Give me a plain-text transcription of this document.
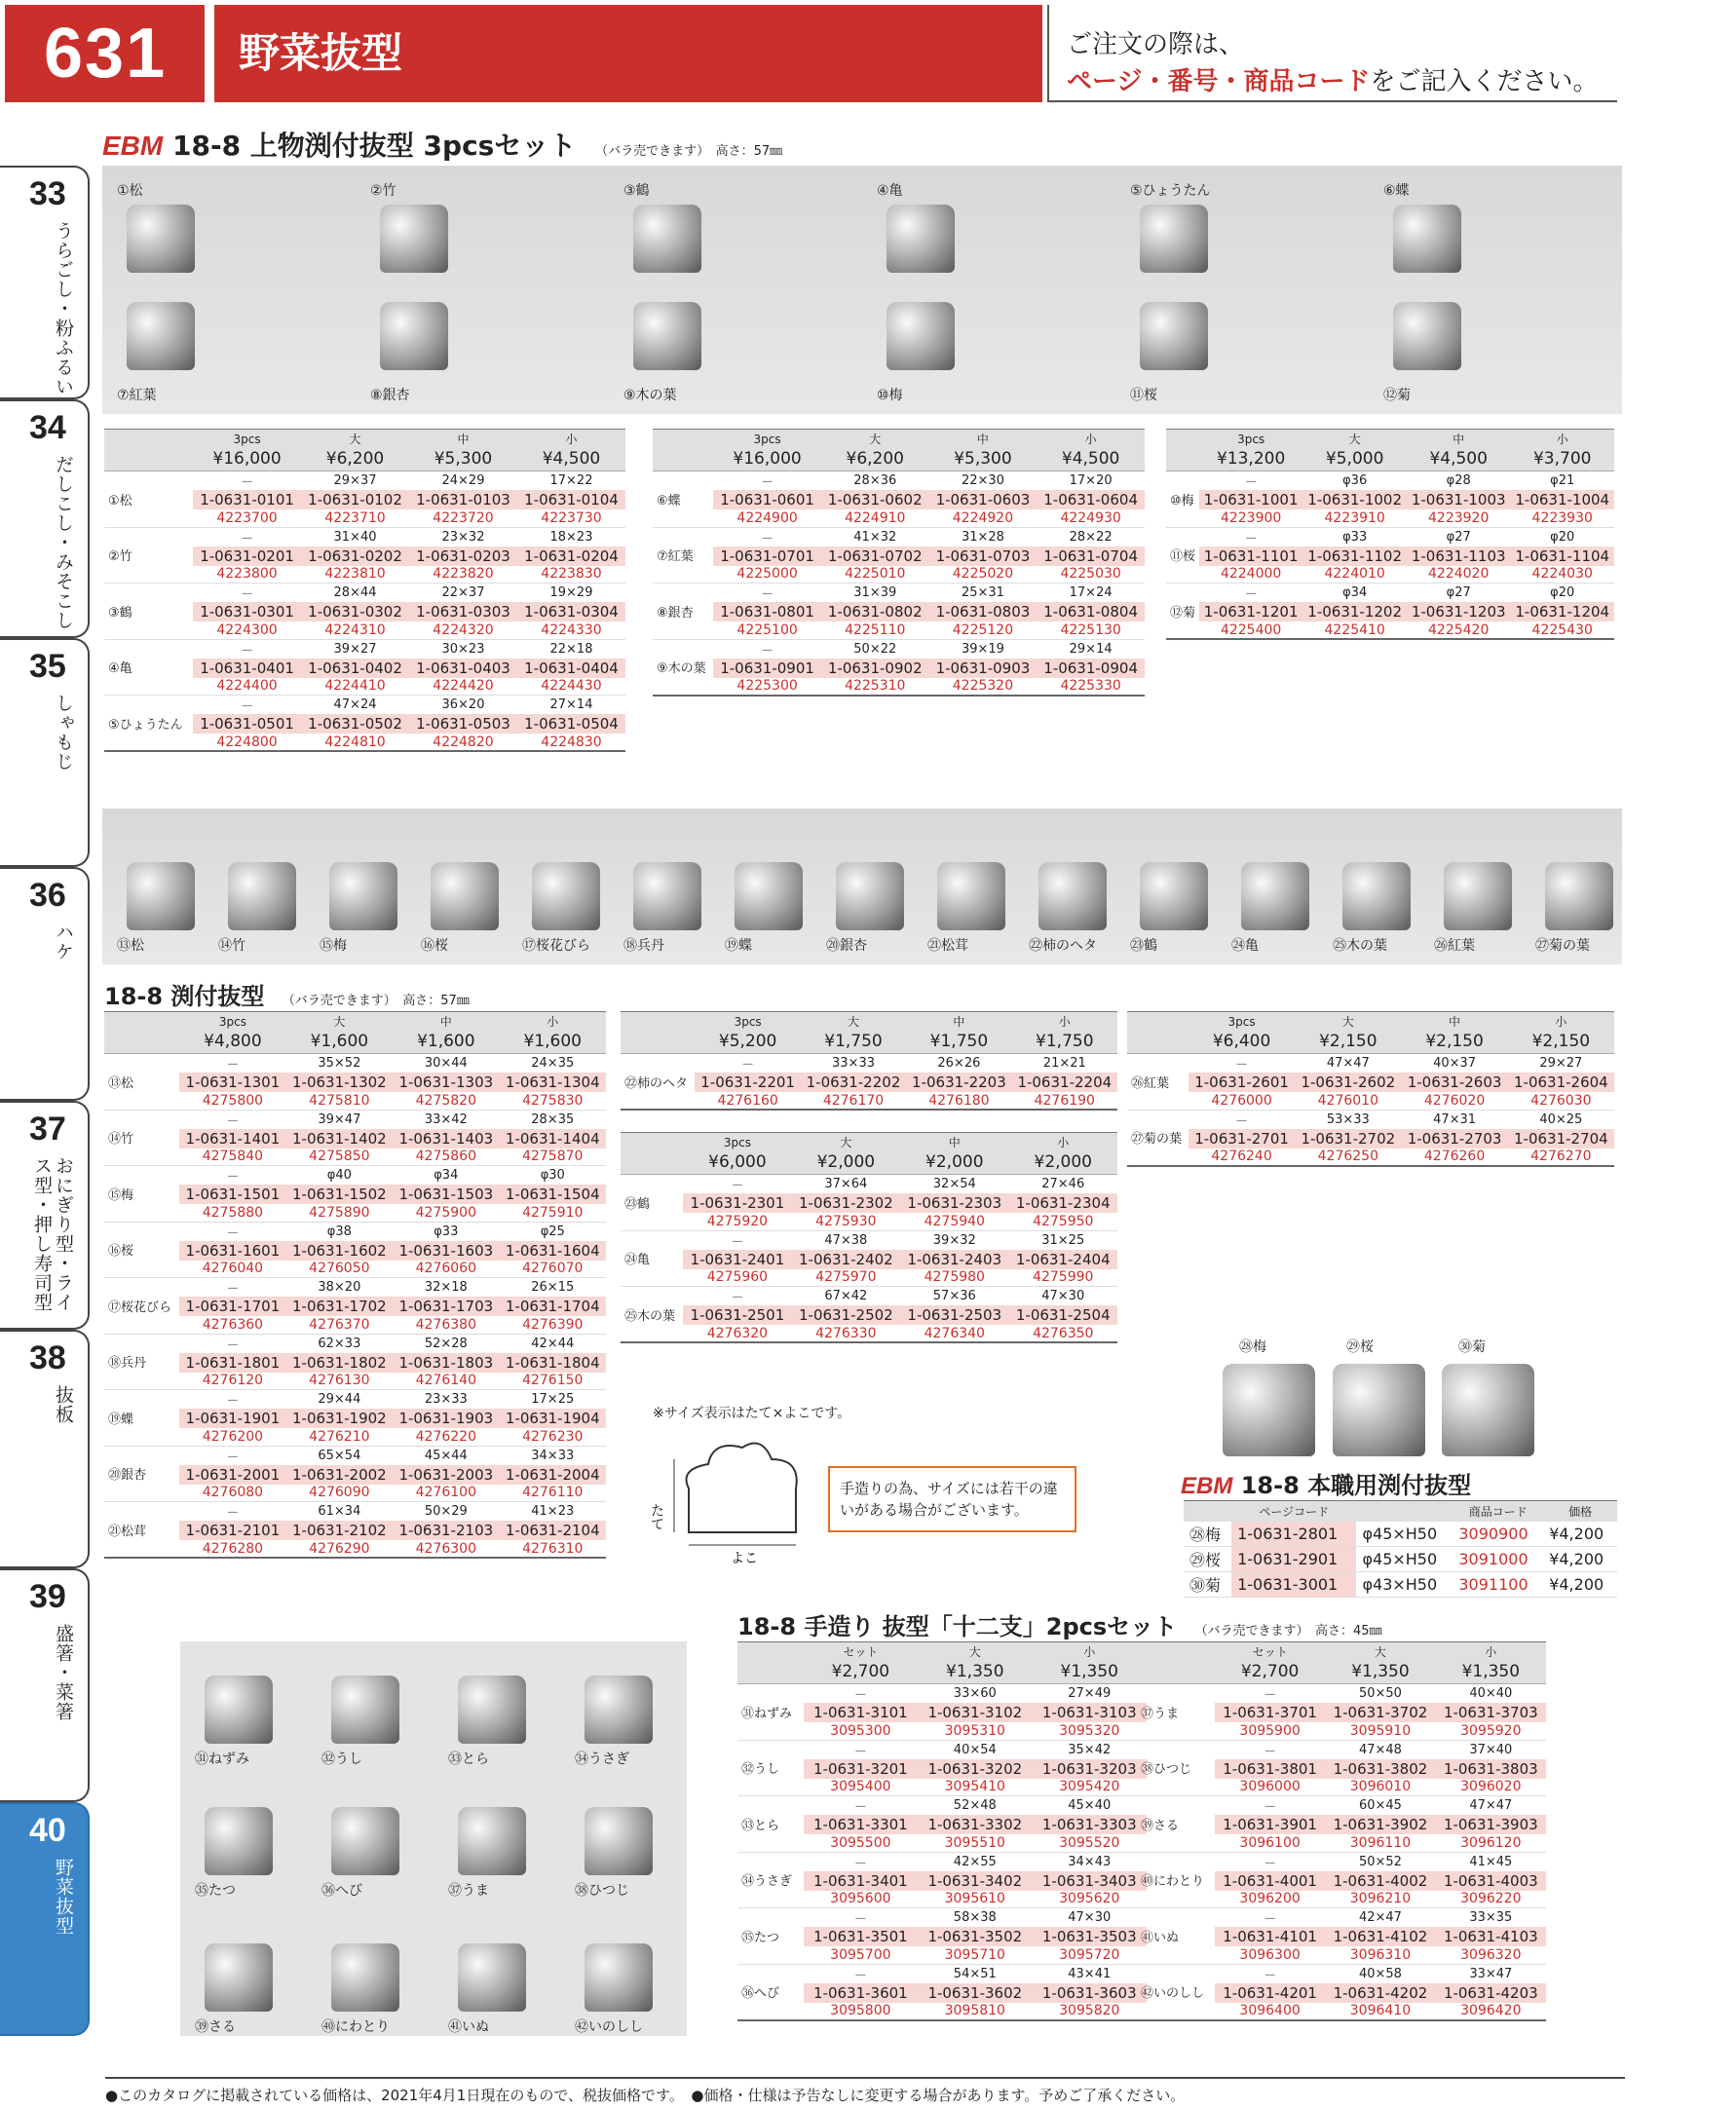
631	野菜抜型	ご注文の際は、
ページ・番号・商品コードをご記入ください。
33
うらごし・粉ふるい
34
だしこし・みそこし
35
しゃもじ
36
ハケ
37
おにぎり型・ライス型・押し寿司型
38
抜板
39
盛箸・菜箸
40
野菜抜型
EBM 18-8 上物渕付抜型 3pcsセット （バラ売できます）　高さ：57㎜
①松	②竹	③鶴	④亀	⑤ひょうたん	⑥蝶
⑦紅葉	⑧銀杏	⑨木の葉	⑩梅	⑪桜	⑫菊
	3pcs	大	中	小
	¥16,000	¥6,200	¥5,300	¥4,500
①松	－	29×37	24×29	17×22
	1-0631-0101	1-0631-0102	1-0631-0103	1-0631-0104
	4223700	4223710	4223720	4223730
②竹	－	31×40	23×32	18×23
	1-0631-0201	1-0631-0202	1-0631-0203	1-0631-0204
	4223800	4223810	4223820	4223830
③鶴	－	28×44	22×37	19×29
	1-0631-0301	1-0631-0302	1-0631-0303	1-0631-0304
	4224300	4224310	4224320	4224330
④亀	－	39×27	30×23	22×18
	1-0631-0401	1-0631-0402	1-0631-0403	1-0631-0404
	4224400	4224410	4224420	4224430
⑤ひょうたん	－	47×24	36×20	27×14
	1-0631-0501	1-0631-0502	1-0631-0503	1-0631-0504
	4224800	4224810	4224820	4224830
	3pcs	大	中	小
	¥16,000	¥6,200	¥5,300	¥4,500
⑥蝶	－	28×36	22×30	17×20
	1-0631-0601	1-0631-0602	1-0631-0603	1-0631-0604
	4224900	4224910	4224920	4224930
⑦紅葉	－	41×32	31×28	28×22
	1-0631-0701	1-0631-0702	1-0631-0703	1-0631-0704
	4225000	4225010	4225020	4225030
⑧銀杏	－	31×39	25×31	17×24
	1-0631-0801	1-0631-0802	1-0631-0803	1-0631-0804
	4225100	4225110	4225120	4225130
⑨木の葉	－	50×22	39×19	29×14
	1-0631-0901	1-0631-0902	1-0631-0903	1-0631-0904
	4225300	4225310	4225320	4225330
	3pcs	大	中	小
	¥13,200	¥5,000	¥4,500	¥3,700
⑩梅	－	φ36	φ28	φ21
	1-0631-1001	1-0631-1002	1-0631-1003	1-0631-1004
	4223900	4223910	4223920	4223930
⑪桜	－	φ33	φ27	φ20
	1-0631-1101	1-0631-1102	1-0631-1103	1-0631-1104
	4224000	4224010	4224020	4224030
⑫菊	－	φ34	φ27	φ20
	1-0631-1201	1-0631-1202	1-0631-1203	1-0631-1204
	4225400	4225410	4225420	4225430
⑬松	⑭竹	⑮梅	⑯桜	⑰桜花びら ⑱兵丹	⑲蝶	⑳銀杏	㉑松茸	㉒柿のヘタ ㉓鶴	㉔亀	㉕木の葉	㉖紅葉	㉗菊の葉
18-8 渕付抜型 （バラ売できます）　高さ：57㎜
	3pcs	大	中	小
	¥4,800	¥1,600	¥1,600	¥1,600
⑬松	－	35×52	30×44	24×35
	1-0631-1301	1-0631-1302	1-0631-1303	1-0631-1304
	4275800	4275810	4275820	4275830
⑭竹	－	39×47	33×42	28×35
	1-0631-1401	1-0631-1402	1-0631-1403	1-0631-1404
	4275840	4275850	4275860	4275870
⑮梅	－	φ40	φ34	φ30
	1-0631-1501	1-0631-1502	1-0631-1503	1-0631-1504
	4275880	4275890	4275900	4275910
⑯桜	－	φ38	φ33	φ25
	1-0631-1601	1-0631-1602	1-0631-1603	1-0631-1604
	4276040	4276050	4276060	4276070
⑰桜花びら	－	38×20	32×18	26×15
	1-0631-1701	1-0631-1702	1-0631-1703	1-0631-1704
	4276360	4276370	4276380	4276390
⑱兵丹	－	62×33	52×28	42×44
	1-0631-1801	1-0631-1802	1-0631-1803	1-0631-1804
	4276120	4276130	4276140	4276150
⑲蝶	－	29×44	23×33	17×25
	1-0631-1901	1-0631-1902	1-0631-1903	1-0631-1904
	4276200	4276210	4276220	4276230
⑳銀杏	－	65×54	45×44	34×33
	1-0631-2001	1-0631-2002	1-0631-2003	1-0631-2004
	4276080	4276090	4276100	4276110
㉑松茸	－	61×34	50×29	41×23
	1-0631-2101	1-0631-2102	1-0631-2103	1-0631-2104
	4276280	4276290	4276300	4276310
	3pcs	大	中	小
	¥5,200	¥1,750	¥1,750	¥1,750
㉒柿のヘタ	－	33×33	26×26	21×21
	1-0631-2201	1-0631-2202	1-0631-2203	1-0631-2204
	4276160	4276170	4276180	4276190
	3pcs	大	中	小
	¥6,000	¥2,000	¥2,000	¥2,000
㉓鶴	－	37×64	32×54	27×46
	1-0631-2301	1-0631-2302	1-0631-2303	1-0631-2304
	4275920	4275930	4275940	4275950
㉔亀	－	47×38	39×32	31×25
	1-0631-2401	1-0631-2402	1-0631-2403	1-0631-2404
	4275960	4275970	4275980	4275990
㉕木の葉	－	67×42	57×36	47×30
	1-0631-2501	1-0631-2502	1-0631-2503	1-0631-2504
	4276320	4276330	4276340	4276350
	3pcs	大	中	小
	¥6,400	¥2,150	¥2,150	¥2,150
㉖紅葉	－	47×47	40×37	29×27
	1-0631-2601	1-0631-2602	1-0631-2603	1-0631-2604
	4276000	4276010	4276020	4276030
㉗菊の葉	－	53×33	47×31	40×25
	1-0631-2701	1-0631-2702	1-0631-2703	1-0631-2704
	4276240	4276250	4276260	4276270
※サイズ表示はたて×よこです。
たて
よこ
手造りの為、サイズには若干の違いがある場合がございます。
㉘梅	㉙桜	㉚菊
EBM 18-8 本職用渕付抜型
	ページコード		商品コード	価格
㉘梅	1-0631-2801	φ45×H50	3090900	¥4,200
㉙桜	1-0631-2901	φ45×H50	3091000	¥4,200
㉚菊	1-0631-3001	φ43×H50	3091100	¥4,200
㉛ねずみ	㉜うし	㉝とら	㉞うさぎ
㉟たつ	㊱へび	㊲うま	㊳ひつじ
㊴さる	㊵にわとり	㊶いぬ	㊷いのしし
18-8 手造り 抜型「十二支」2pcsセット （バラ売できます）　高さ：45㎜
	セット	大	小
	¥2,700	¥1,350	¥1,350
㉛ねずみ	－	33×60	27×49
	1-0631-3101	1-0631-3102	1-0631-3103
	3095300	3095310	3095320
㉜うし	－	40×54	35×42
	1-0631-3201	1-0631-3202	1-0631-3203
	3095400	3095410	3095420
㉝とら	－	52×48	45×40
	1-0631-3301	1-0631-3302	1-0631-3303
	3095500	3095510	3095520
㉞うさぎ	－	42×55	34×43
	1-0631-3401	1-0631-3402	1-0631-3403
	3095600	3095610	3095620
㉟たつ	－	58×38	47×30
	1-0631-3501	1-0631-3502	1-0631-3503
	3095700	3095710	3095720
㊱へび	－	54×51	43×41
	1-0631-3601	1-0631-3602	1-0631-3603
	3095800	3095810	3095820
	セット	大	小
	¥2,700	¥1,350	¥1,350
㊲うま	－	50×50	40×40
	1-0631-3701	1-0631-3702	1-0631-3703
	3095900	3095910	3095920
㊳ひつじ	－	47×48	37×40
	1-0631-3801	1-0631-3802	1-0631-3803
	3096000	3096010	3096020
㊴さる	－	60×45	47×47
	1-0631-3901	1-0631-3902	1-0631-3903
	3096100	3096110	3096120
㊵にわとり	－	50×52	41×45
	1-0631-4001	1-0631-4002	1-0631-4003
	3096200	3096210	3096220
㊶いぬ	－	42×47	33×35
	1-0631-4101	1-0631-4102	1-0631-4103
	3096300	3096310	3096320
㊷いのしし	－	40×58	33×47
	1-0631-4201	1-0631-4202	1-0631-4203
	3096400	3096410	3096420
●このカタログに掲載されている価格は、2021年4月1日現在のもので、税抜価格です。　●価格・仕様は予告なしに変更する場合があります。予めご了承ください。
